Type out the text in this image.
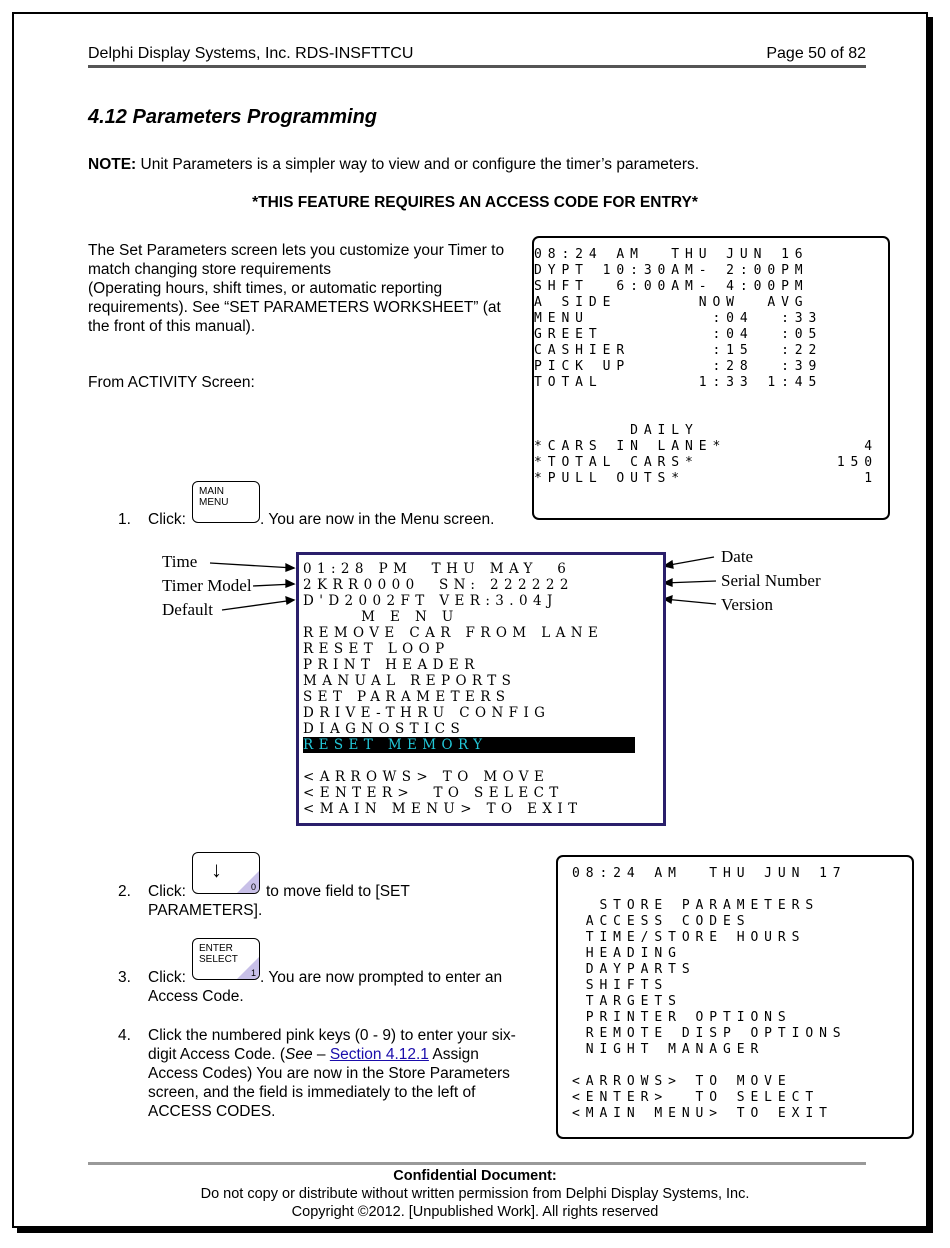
Delphi Display Systems, Inc. RDS-INSFTTCU	Page 50 of 82
4.12 Parameters Programming
NOTE: Unit Parameters is a simpler way to view and or configure the timer’s parameters.
*THIS FEATURE REQUIRES AN ACCESS CODE FOR ENTRY*

The Set Parameters screen lets you customize your Timer to match changing store requirements

(Operating hours, shift times, or automatic reporting requirements). See “SET PARAMETERS WORKSHEET” (at the front of this manual).

From ACTIVITY Screen:
08:24 AM  THU JUN 16
DYPT 10:30AM- 2:00PM
SHFT  6:00AM- 4:00PM
A SIDE      NOW  AVG
MENU         :04  :33
GREET        :04  :05
CASHIER      :15  :22
PICK UP      :28  :39
TOTAL       1:33 1:45
DAILY
*CARS IN LANE*	4
*TOTAL CARS*	150
*PULL OUTS*	1
1. Click:
MAIN
MENU
. You are now in the Menu screen.
Time
Timer Model
Default
Date
Serial Number
Version
01:28 PM  THU MAY  6
2KRR0000  SN: 222222
D'D2002FT VER:3.04J
M E N U
REMOVE CAR FROM LANE
RESET LOOP
PRINT HEADER
MANUAL REPORTS
SET PARAMETERS
DRIVE-THRU CONFIG
DIAGNOSTICS
RESET MEMORY
<ARROWS> TO MOVE
<ENTER>  TO SELECT
<MAIN MENU> TO EXIT
2. Click:
↓
0 to move field to [SET
PARAMETERS].
3. Click:
ENTER
SELECT
1 . You are now prompted to enter an
Access Code.
4. Click the numbered pink keys (0 - 9) to enter your six-
digit Access Code. (See – Section 4.12.1 Assign
Access Codes) You are now in the Store Parameters
screen, and the field is immediately to the left of
ACCESS CODES.
08:24 AM  THU JUN 17
STORE PARAMETERS
ACCESS CODES
TIME/STORE HOURS
HEADING
DAYPARTS
SHIFTS
TARGETS
PRINTER OPTIONS
REMOTE DISP OPTIONS
NIGHT MANAGER
<ARROWS> TO MOVE
<ENTER>  TO SELECT
<MAIN MENU> TO EXIT
Confidential Document:
Do not copy or distribute without written permission from Delphi Display Systems, Inc.
Copyright ©2012. [Unpublished Work]. All rights reserved
